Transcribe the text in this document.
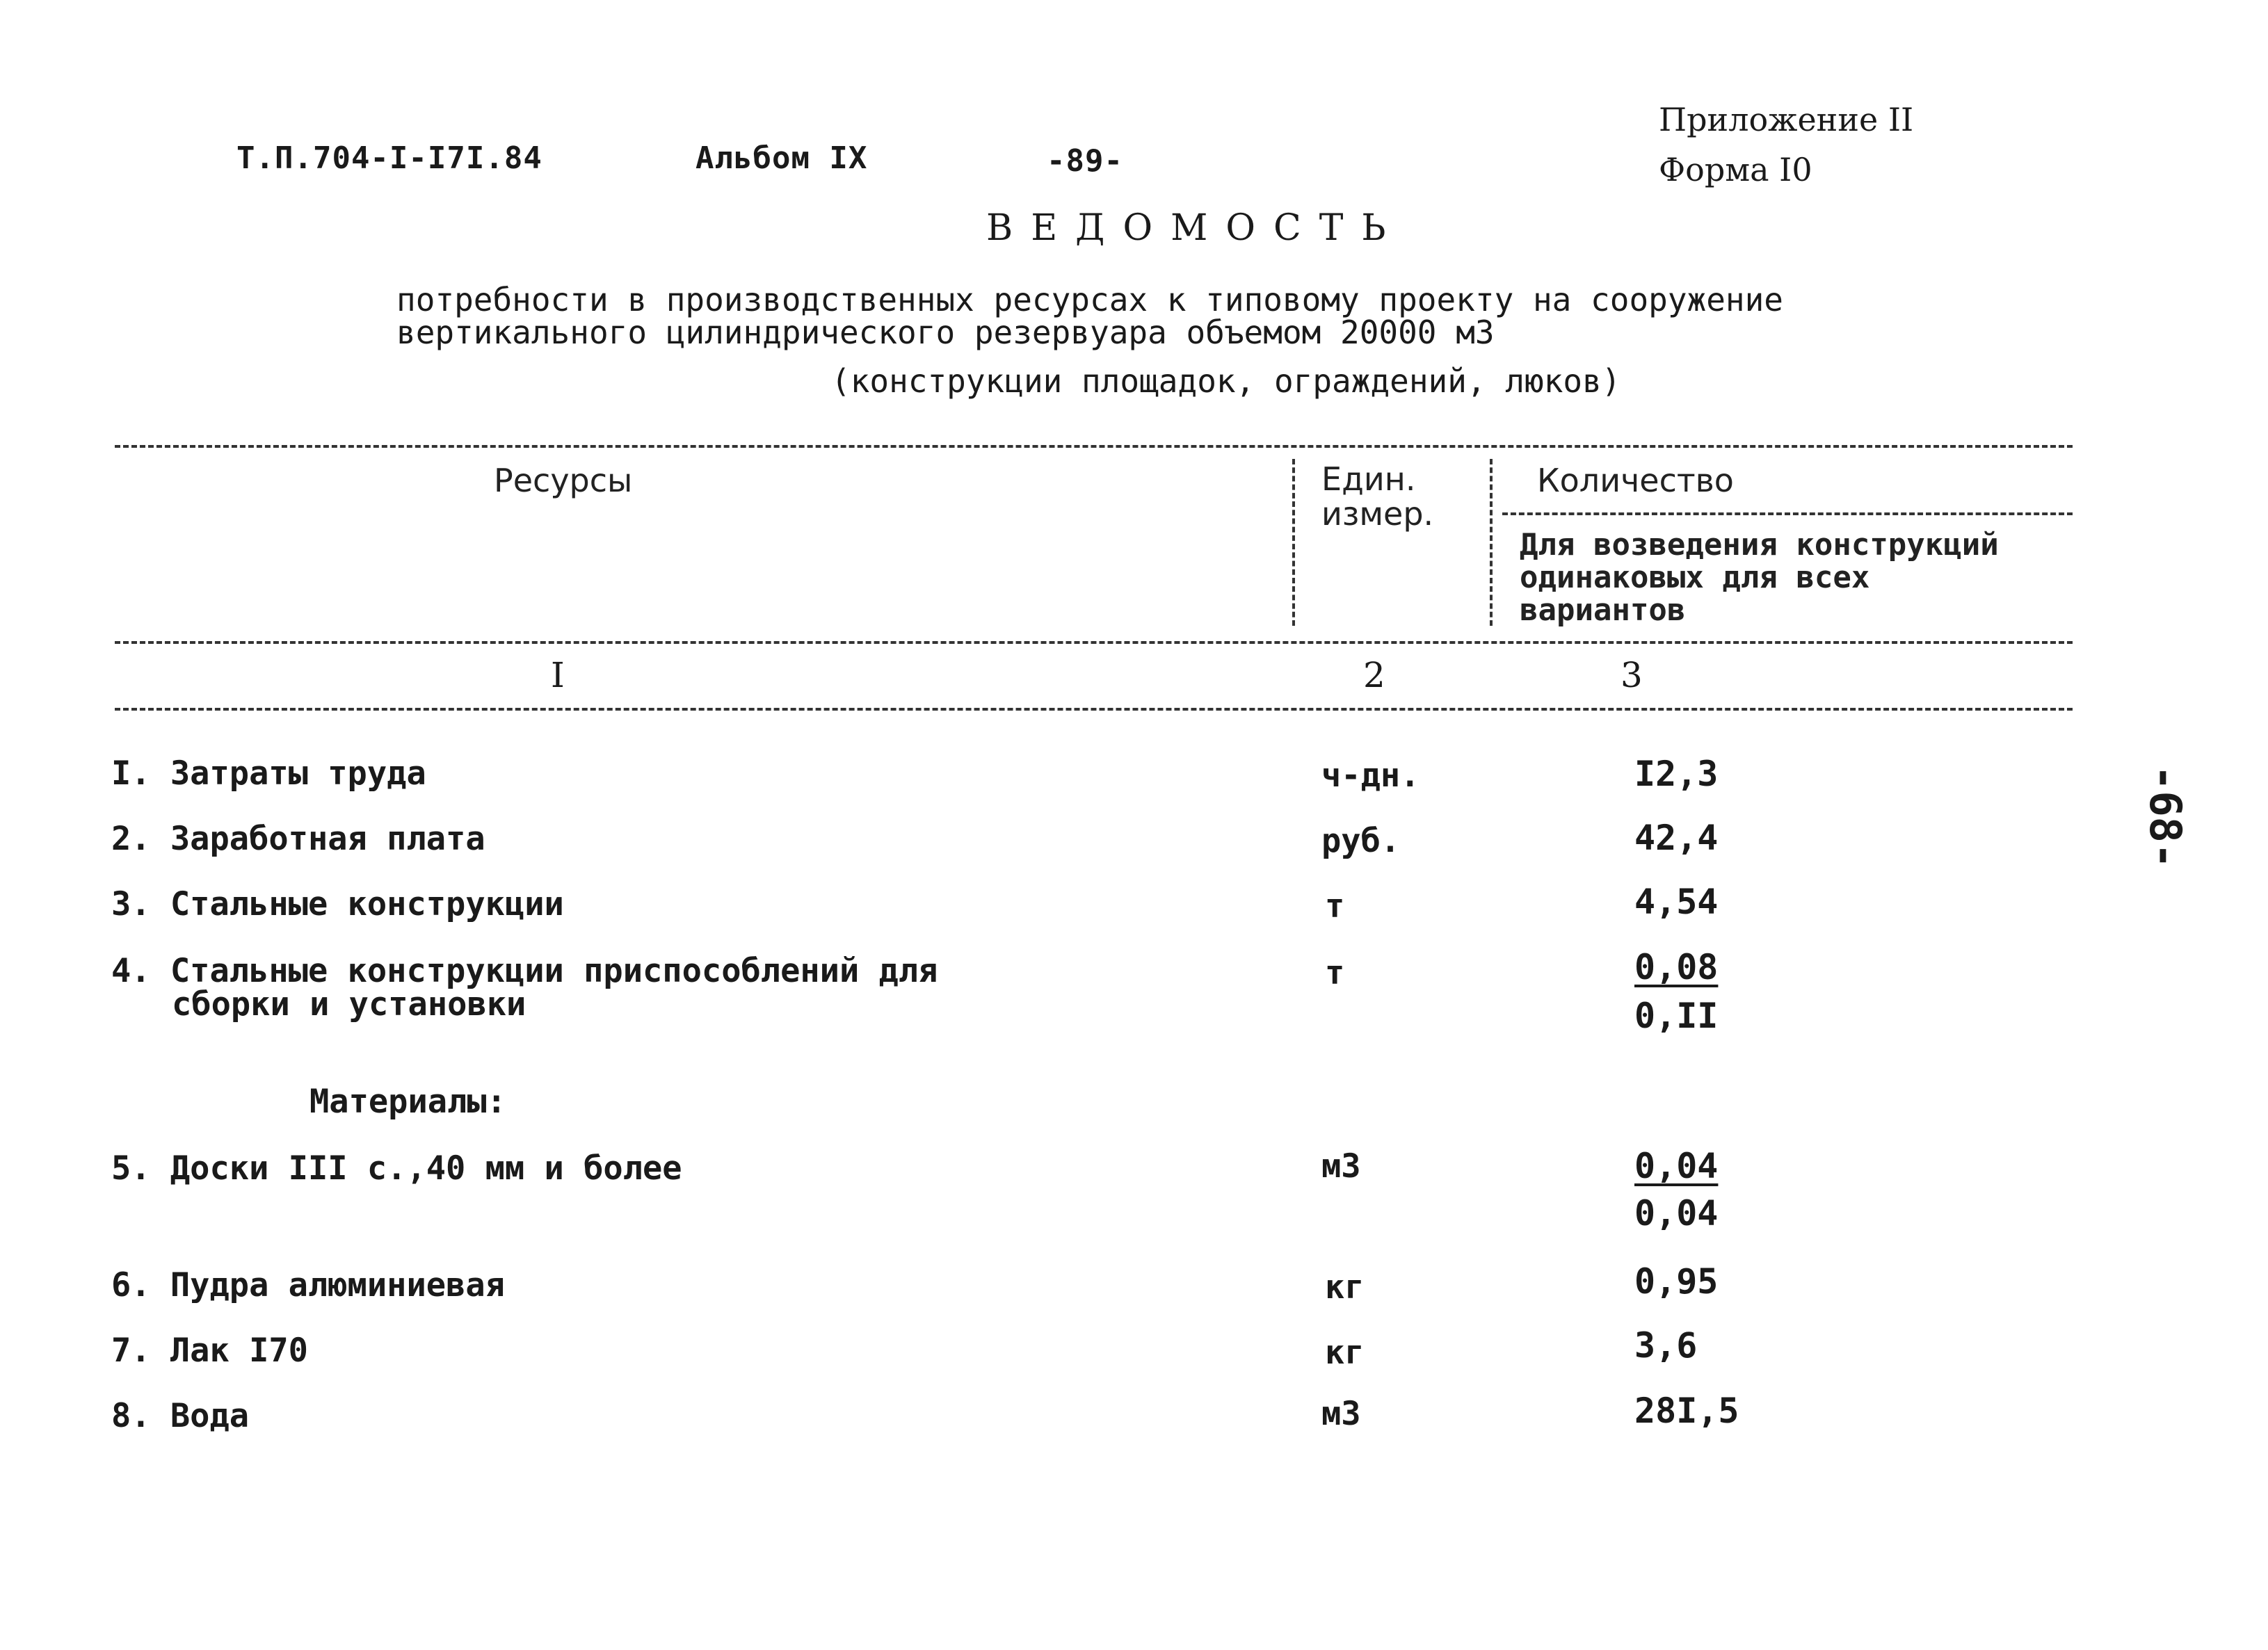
Т.П.704-I-I7I.84	Альбом IX	-89-
Приложение II
Форма I0
ВЕДОМОСТЬ
потребности в производственных ресурсах к типовому проекту на сооружение
вертикального цилиндрического резервуара объемом 20000 м3
(конструкции площадок, ограждений, люков)
Ресурсы	Един.
измер.
Количество
Для возведения конструкций
одинаковых для всех
вариантов
I	2	3
I. Затраты труда	ч-дн.	I2,3
2. Заработная плата	руб.	42,4
3. Стальные конструкции	т	4,54
4. Стальные конструкции приспособлений для
сборки и установки
т	0,08
0,II
Материалы:
5. Доски III с.,40 мм и более	м3	0,04
0,04
6. Пудра алюминиевая	кг	0,95
7. Лак I70	кг	3,6
8. Вода	м3	28I,5
-68-
